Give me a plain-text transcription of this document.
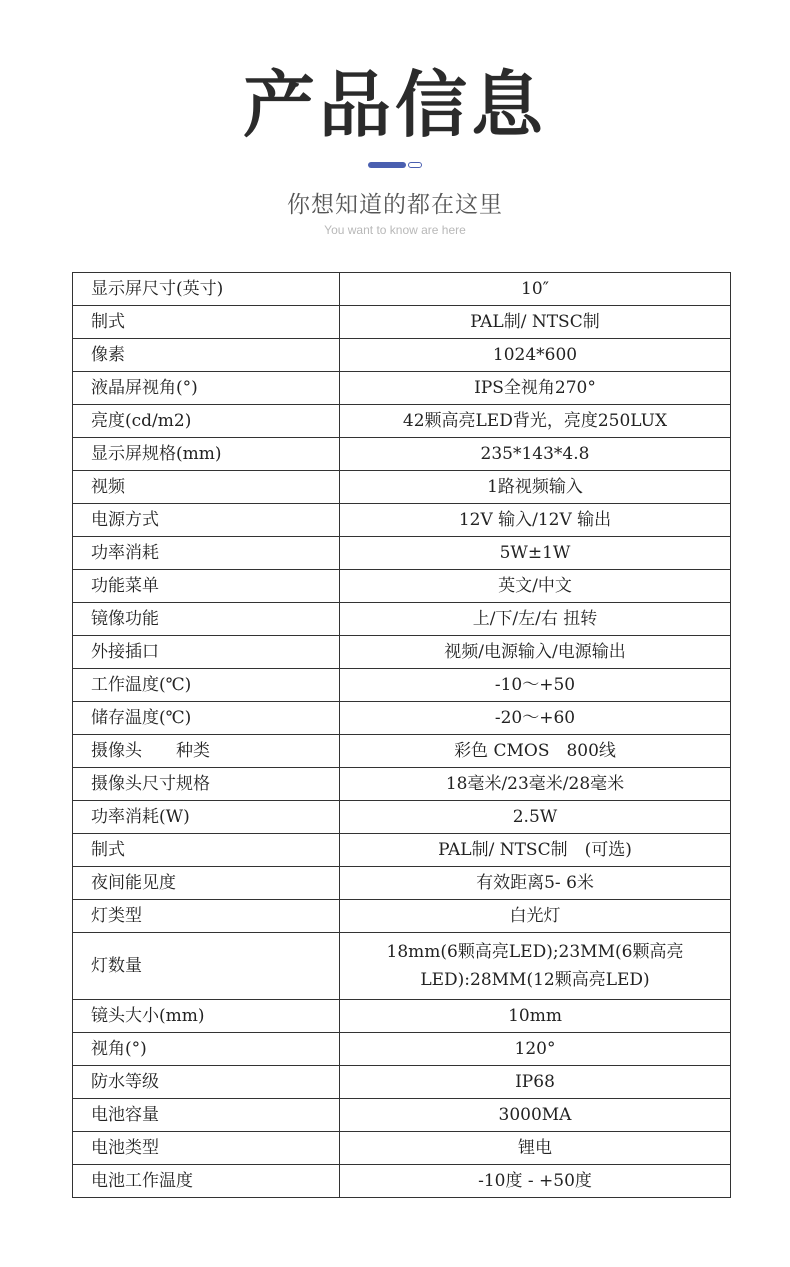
产品信息
你想知道的都在这里
You want to know are here
显示屏尺寸(英寸)	10″
制式	PAL制/ NTSC制
像素	1024*600
液晶屏视角(°)	IPS全视角270°
亮度(cd/m2)	42颗高亮LED背光，亮度250LUX
显示屏规格(mm)	235*143*4.8
视频	1路视频输入
电源方式	12V 输入/12V 输出
功率消耗	5W±1W
功能菜单	英文/中文
镜像功能	上/下/左/右 扭转
外接插口	视频/电源输入/电源输出
工作温度(℃)	-10～+50
储存温度(℃)	-20～+60
摄像头　　种类	彩色 CMOS　800线
摄像头尺寸规格	18毫米/23毫米/28毫米
功率消耗(W)	2.5W
制式	PAL制/ NTSC制　(可选)
夜间能见度	有效距离5- 6米
灯类型	白光灯
灯数量	18mm(6颗高亮LED);23MM(6颗高亮LED):28MM(12颗高亮LED)
镜头大小(mm)	10mm
视角(°)	120°
防水等级	IP68
电池容量	3000MA
电池类型	锂电
电池工作温度	-10度 - +50度
